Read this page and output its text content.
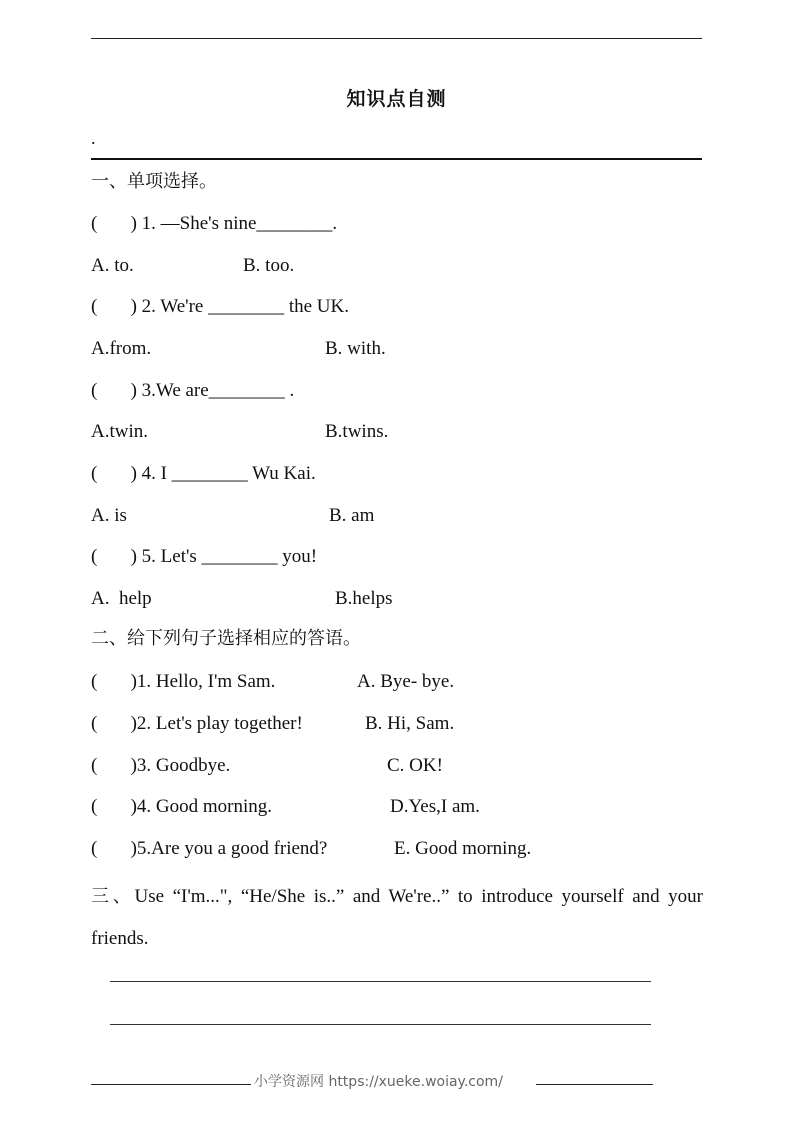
知识点自测
.
一、单项选择。
(       ) 1. —She's nine________.
A. to.	B. too.
(       ) 2. We're ________ the UK.
A.from.	B. with.
(       ) 3.We are________ .
A.twin.	B.twins.
(       ) 4. I ________ Wu Kai.
A. is	B. am
(       ) 5. Let's ________ you!
A.  help	B.helps
二、给下列句子选择相应的答语。
(       )1. Hello, I'm Sam.	A. Bye- bye.
(       )2. Let's play together!	B. Hi, Sam.
(       )3. Goodbye.	C. OK!
(       )4. Good morning.	D.Yes,I am.
(       )5.Are you a good friend?	E. Good morning.
三、Use “I'm...", “He/She is..” and We're..” to introduce yourself and your friends.
小学资源网 https://xueke.woiay.com/
